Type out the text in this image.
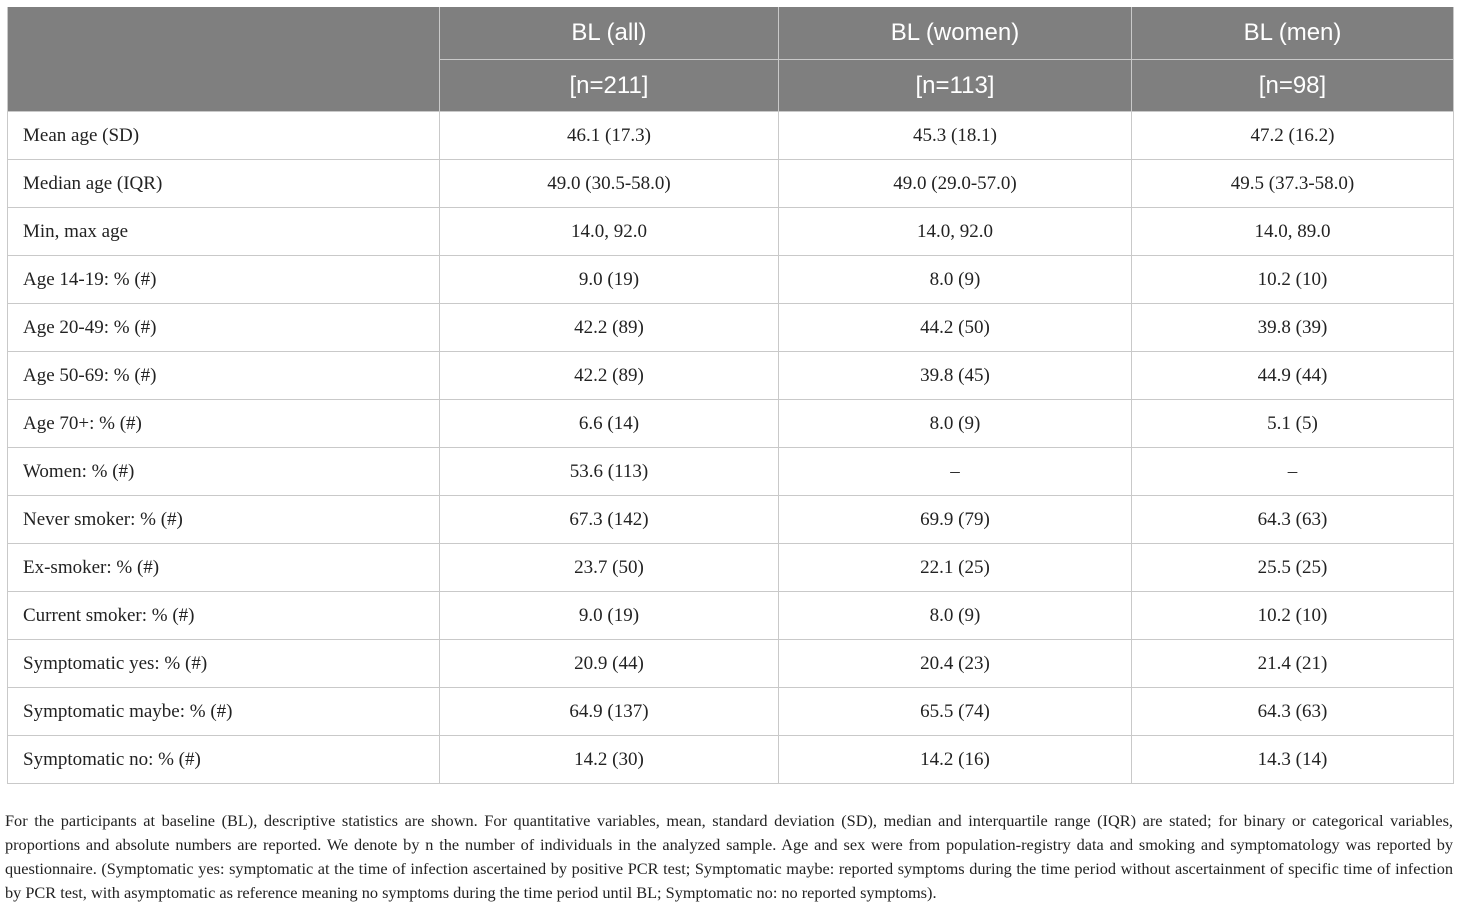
	BL (all)	BL (women)	BL (men)
	[n=211]	[n=113]	[n=98]
Mean age (SD)	46.1 (17.3)	45.3 (18.1)	47.2 (16.2)
Median age (IQR)	49.0 (30.5-58.0)	49.0 (29.0-57.0)	49.5 (37.3-58.0)
Min, max age	14.0, 92.0	14.0, 92.0	14.0, 89.0
Age 14-19: % (#)	9.0 (19)	8.0 (9)	10.2 (10)
Age 20-49: % (#)	42.2 (89)	44.2 (50)	39.8 (39)
Age 50-69: % (#)	42.2 (89)	39.8 (45)	44.9 (44)
Age 70+: % (#)	6.6 (14)	8.0 (9)	5.1 (5)
Women: % (#)	53.6 (113)	–	–
Never smoker: % (#)	67.3 (142)	69.9 (79)	64.3 (63)
Ex-smoker: % (#)	23.7 (50)	22.1 (25)	25.5 (25)
Current smoker: % (#)	9.0 (19)	8.0 (9)	10.2 (10)
Symptomatic yes: % (#)	20.9 (44)	20.4 (23)	21.4 (21)
Symptomatic maybe: % (#)	64.9 (137)	65.5 (74)	64.3 (63)
Symptomatic no: % (#)	14.2 (30)	14.2 (16)	14.3 (14)

For the participants at baseline (BL), descriptive statistics are shown. For quantitative variables, mean, standard deviation (SD), median and interquartile range (IQR) are stated; for binary or categorical variables, proportions and absolute numbers are reported. We denote by n the number of individuals in the analyzed sample. Age and sex were from population-registry data and smoking and symptomatology was reported by questionnaire. (Symptomatic yes: symptomatic at the time of infection ascertained by positive PCR test; Symptomatic maybe: reported symptoms during the time period without ascertainment of specific time of infection by PCR test, with asymptomatic as reference meaning no symptoms during the time period until BL; Symptomatic no: no reported symptoms).
